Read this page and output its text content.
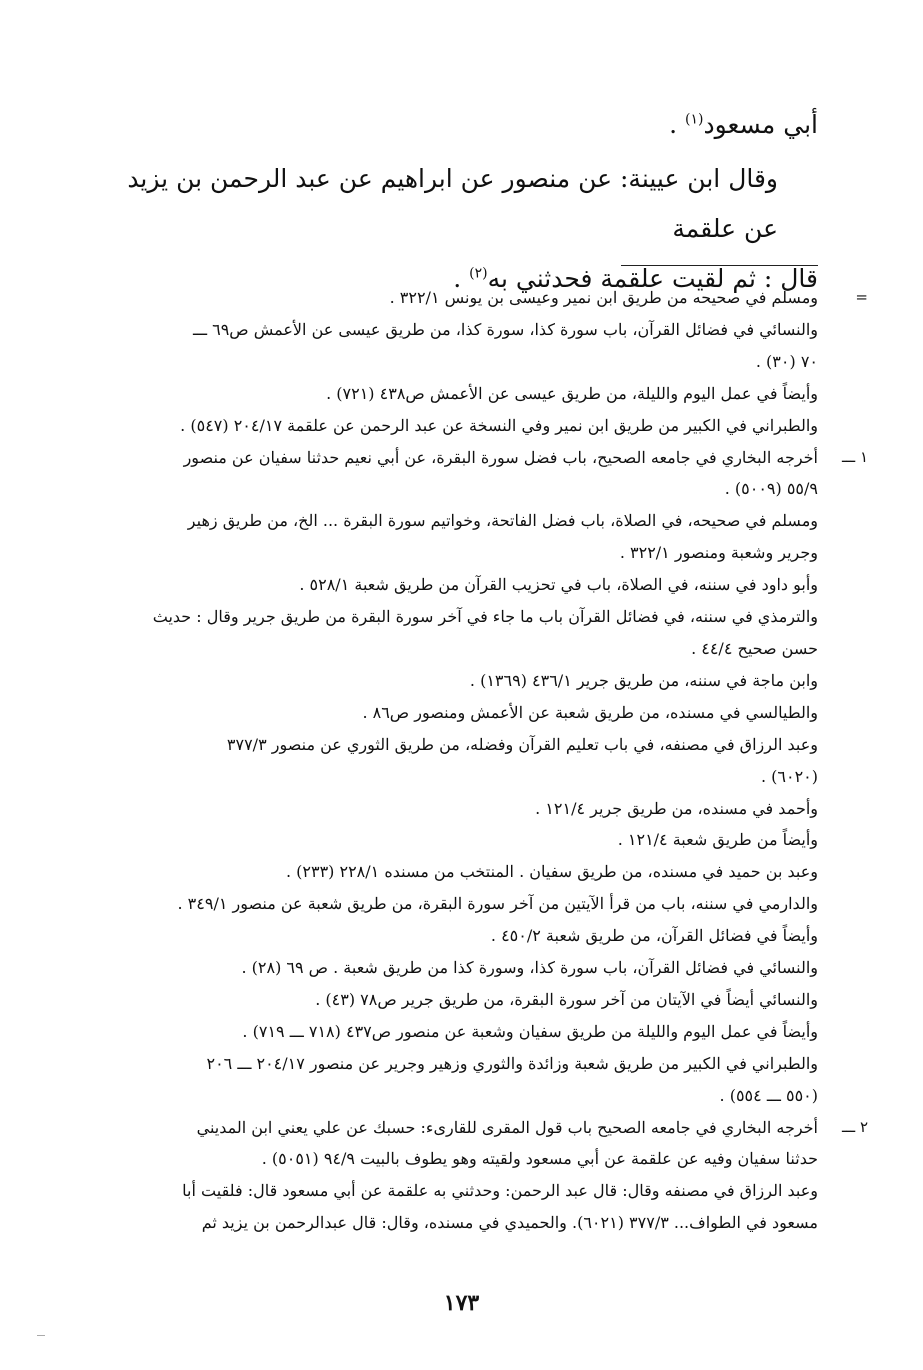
أبي مسعود$^{(١)}$ .

وقال ابن عيينة: عن منصور عن ابراهيم عن عبد الرحمن بن يزيد عن علقمة

قال : ثم لقيت علقمة فحدثني به$^{(٢)}$ .

=
ومسلم في صحيحه من طريق ابن نمير وعيسى بن يونس ٣٢٢/١ .
والنسائي في فضائل القرآن، باب سورة كذا، سورة كذا، من طريق عيسى عن الأعمش ص٦٩ ـــ
٧٠ (٣٠) .
وأيضاً في عمل اليوم والليلة، من طريق عيسى عن الأعمش ص٤٣٨ (٧٢١) .
والطبراني في الكبير من طريق ابن نمير وفي النسخة عن عبد الرحمن عن علقمة ٢٠٤/١٧ (٥٤٧) .
١ ـــ
أخرجه البخاري في جامعه الصحيح، باب فضل سورة البقرة، عن أبي نعيم حدثنا سفيان عن منصور
٥٥/٩ (٥٠٠٩) .
ومسلم في صحيحه، في الصلاة، باب فضل الفاتحة، وخواتيم سورة البقرة ... الخ، من طريق زهير
وجرير وشعبة ومنصور ٣٢٢/١ .
وأبو داود في سننه، في الصلاة، باب في تحزيب القرآن من طريق شعبة ٥٢٨/١ .
والترمذي في سننه، في فضائل القرآن باب ما جاء في آخر سورة البقرة من طريق جرير وقال : حديث
حسن صحيح ٤٤/٤ .
وابن ماجة في سننه، من طريق جرير ٤٣٦/١ (١٣٦٩) .
والطيالسي في مسنده، من طريق شعبة عن الأعمش ومنصور ص٨٦ .
وعبد الرزاق في مصنفه، في باب تعليم القرآن وفضله، من طريق الثوري عن منصور ٣٧٧/٣
(٦٠٢٠) .
وأحمد في مسنده، من طريق جرير ١٢١/٤ .
وأيضاً من طريق شعبة ١٢١/٤ .
وعبد بن حميد في مسنده، من طريق سفيان . المنتخب من مسنده ٢٢٨/١ (٢٣٣) .
والدارمي في سننه، باب من قرأ الآيتين من آخر سورة البقرة، من طريق شعبة عن منصور ٣٤٩/١ .
وأيضاً في فضائل القرآن، من طريق شعبة ٤٥٠/٢ .
والنسائي في فضائل القرآن، باب سورة كذا، وسورة كذا من طريق شعبة . ص ٦٩ (٢٨) .
والنسائي أيضاً في الآيتان من آخر سورة البقرة، من طريق جرير ص٧٨ (٤٣) .
وأيضاً في عمل اليوم والليلة من طريق سفيان وشعبة عن منصور ص٤٣٧ (٧١٨ ـــ ٧١٩) .
والطبراني في الكبير من طريق شعبة وزائدة والثوري وزهير وجرير عن منصور ٢٠٤/١٧ ـــ ٢٠٦
(٥٥٠ ـــ ٥٥٤) .
٢ ـــ
أخرجه البخاري في جامعه الصحيح باب قول المقرى للقارىء: حسبك عن علي يعني ابن المديني
حدثنا سفيان وفيه عن علقمة عن أبي مسعود ولقيته وهو يطوف بالبيت ٩٤/٩ (٥٠٥١) .
وعبد الرزاق في مصنفه وقال: قال عبد الرحمن: وحدثني به علقمة عن أبي مسعود قال: فلقيت أبا
مسعود في الطواف... ٣٧٧/٣ (٦٠٢١). والحميدي في مسنده، وقال: قال عبدالرحمن بن يزيد ثم
١٧٣
